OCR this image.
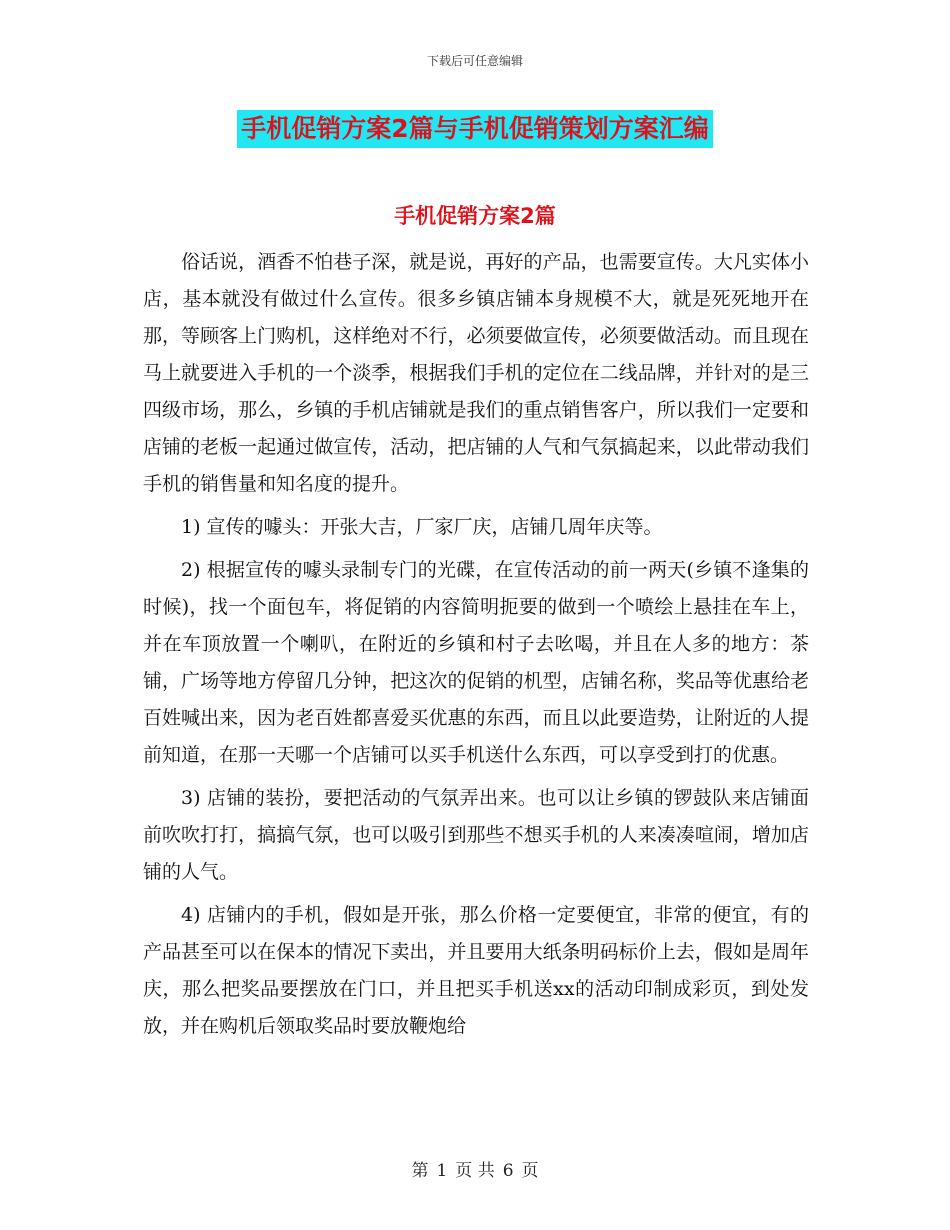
下载后可任意编辑
手机促销方案2篇与手机促销策划方案汇编
手机促销方案2篇

俗话说，酒香不怕巷子深，就是说，再好的产品，也需要宣传。大凡实体小店，基本就没有做过什么宣传。很多乡镇店铺本身规模不大，就是死死地开在那，等顾客上门购机，这样绝对不行，必须要做宣传，必须要做活动。而且现在马上就要进入手机的一个淡季，根据我们手机的定位在二线品牌，并针对的是三四级市场，那么，乡镇的手机店铺就是我们的重点销售客户，所以我们一定要和店铺的老板一起通过做宣传，活动，把店铺的人气和气氛搞起来，以此带动我们手机的销售量和知名度的提升。

1) 宣传的噱头：开张大吉，厂家厂庆，店铺几周年庆等。

2) 根据宣传的噱头录制专门的光碟，在宣传活动的前一两天(乡镇不逢集的时候)，找一个面包车，将促销的内容简明扼要的做到一个喷绘上悬挂在车上，并在车顶放置一个喇叭，在附近的乡镇和村子去吆喝，并且在人多的地方：茶铺，广场等地方停留几分钟，把这次的促销的机型，店铺名称，奖品等优惠给老百姓喊出来，因为老百姓都喜爱买优惠的东西，而且以此要造势，让附近的人提前知道，在那一天哪一个店铺可以买手机送什么东西，可以享受到打的优惠。

3) 店铺的装扮，要把活动的气氛弄出来。也可以让乡镇的锣鼓队来店铺面前吹吹打打，搞搞气氛，也可以吸引到那些不想买手机的人来凑凑喧闹，增加店铺的人气。

4) 店铺内的手机，假如是开张，那么价格一定要便宜，非常的便宜，有的产品甚至可以在保本的情况下卖出，并且要用大纸条明码标价上去，假如是周年庆，那么把奖品要摆放在门口，并且把买手机送xx的活动印制成彩页，到处发放，并在购机后领取奖品时要放鞭炮给

第 1 页 共 6 页
